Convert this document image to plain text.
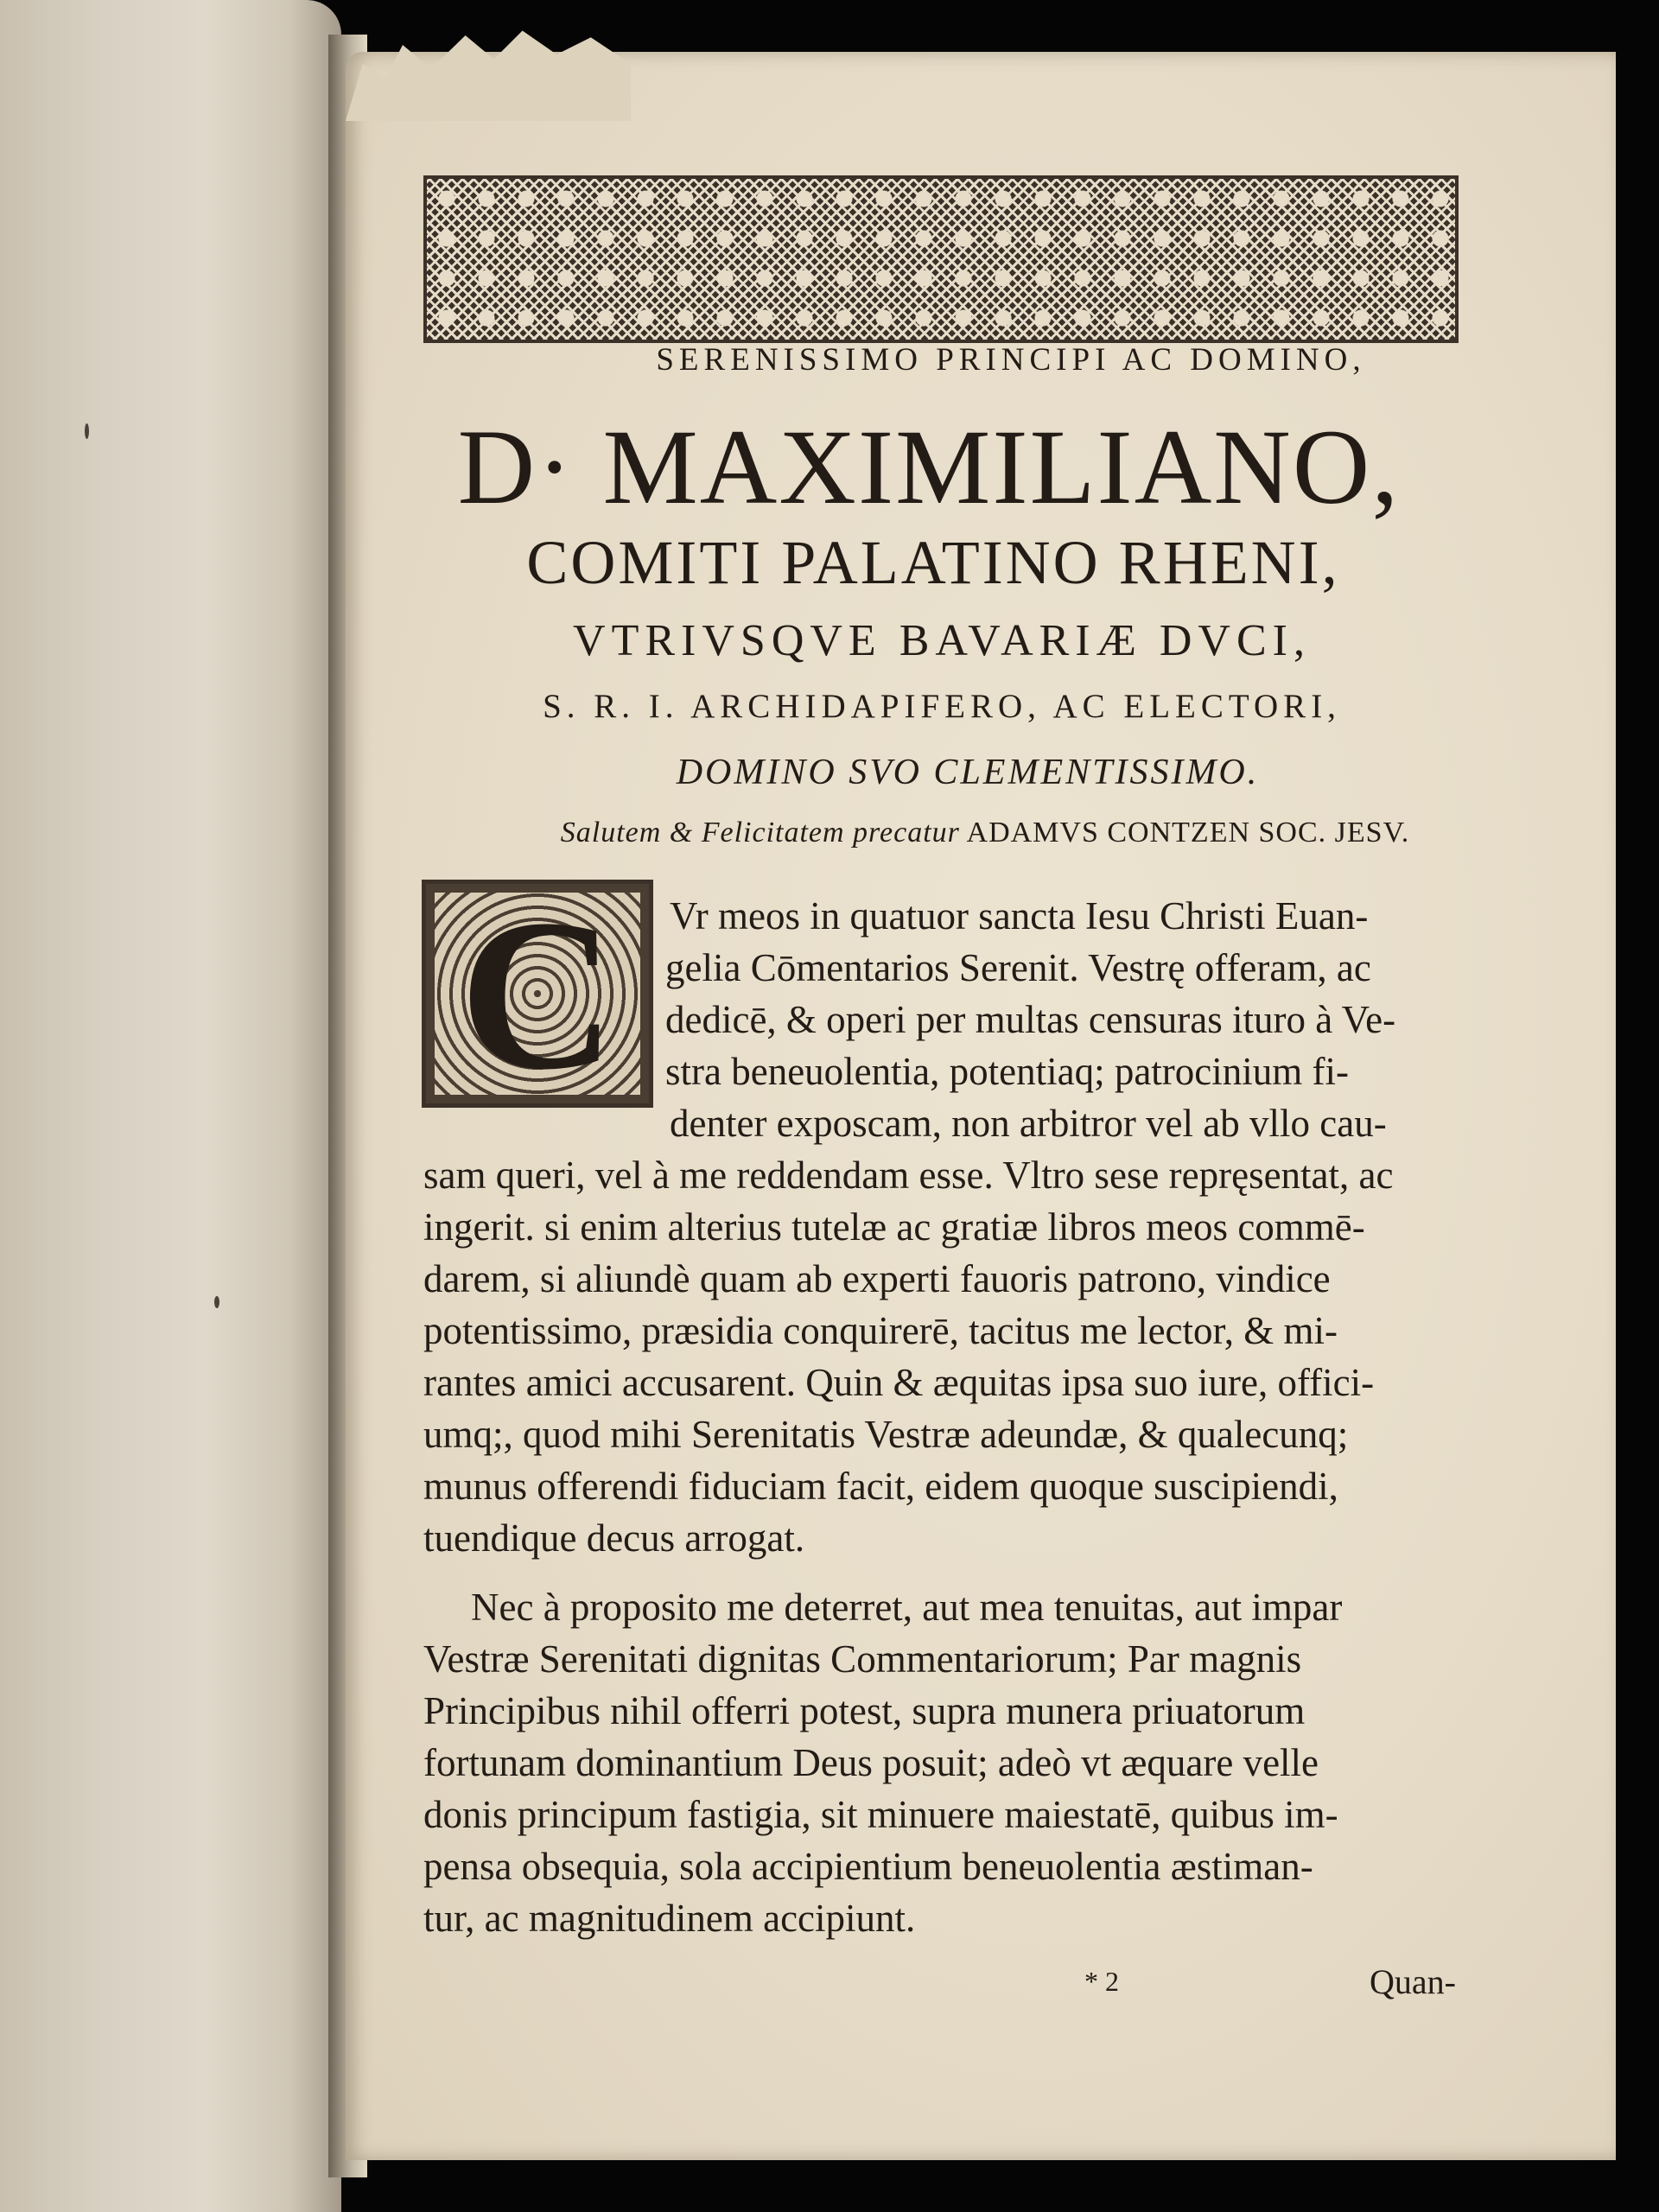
SERENISSIMO PRINCIPI AC DOMINO,
D· MAXIMILIANO,
COMITI PALATINO RHENI,
VTRIVSQVE BAVARIÆ DVCI,
S. R. I. ARCHIDAPIFERO, AC ELECTORI,
DOMINO SVO CLEMENTISSIMO.
Salutem & Felicitatem precatur ADAMVS CONTZEN SOC. JESV.
C	Vr meos in quatuor sancta Iesu Christi Euan-
gelia Cōmentarios Serenit. Vestrę offeram, ac
dedicē, & operi per multas censuras ituro à Ve-
stra beneuolentia, potentiaq; patrocinium fi-
denter exposcam, non arbitror vel ab vllo cau-
sam queri, vel à me reddendam esse. Vltro sese repręsentat, ac
ingerit. si enim alterius tutelæ ac gratiæ libros meos commē-
darem, si aliundè quam ab experti fauoris patrono, vindice
potentissimo, præsidia conquirerē, tacitus me lector, & mi-
rantes amici accusarent. Quin & æquitas ipsa suo iure, offici-
umq;, quod mihi Serenitatis Vestræ adeundæ, & qualecunq;
munus offerendi fiduciam facit, eidem quoque suscipiendi,
tuendique decus arrogat.
Nec à proposito me deterret, aut mea tenuitas, aut impar
Vestræ Serenitati dignitas Commentariorum; Par magnis
Principibus nihil offerri potest, supra munera priuatorum
fortunam dominantium Deus posuit; adeò vt æquare velle
donis principum fastigia, sit minuere maiestatē, quibus im-
pensa obsequia, sola accipientium beneuolentia æstiman-
tur, ac magnitudinem accipiunt.
* 2	Quan-
